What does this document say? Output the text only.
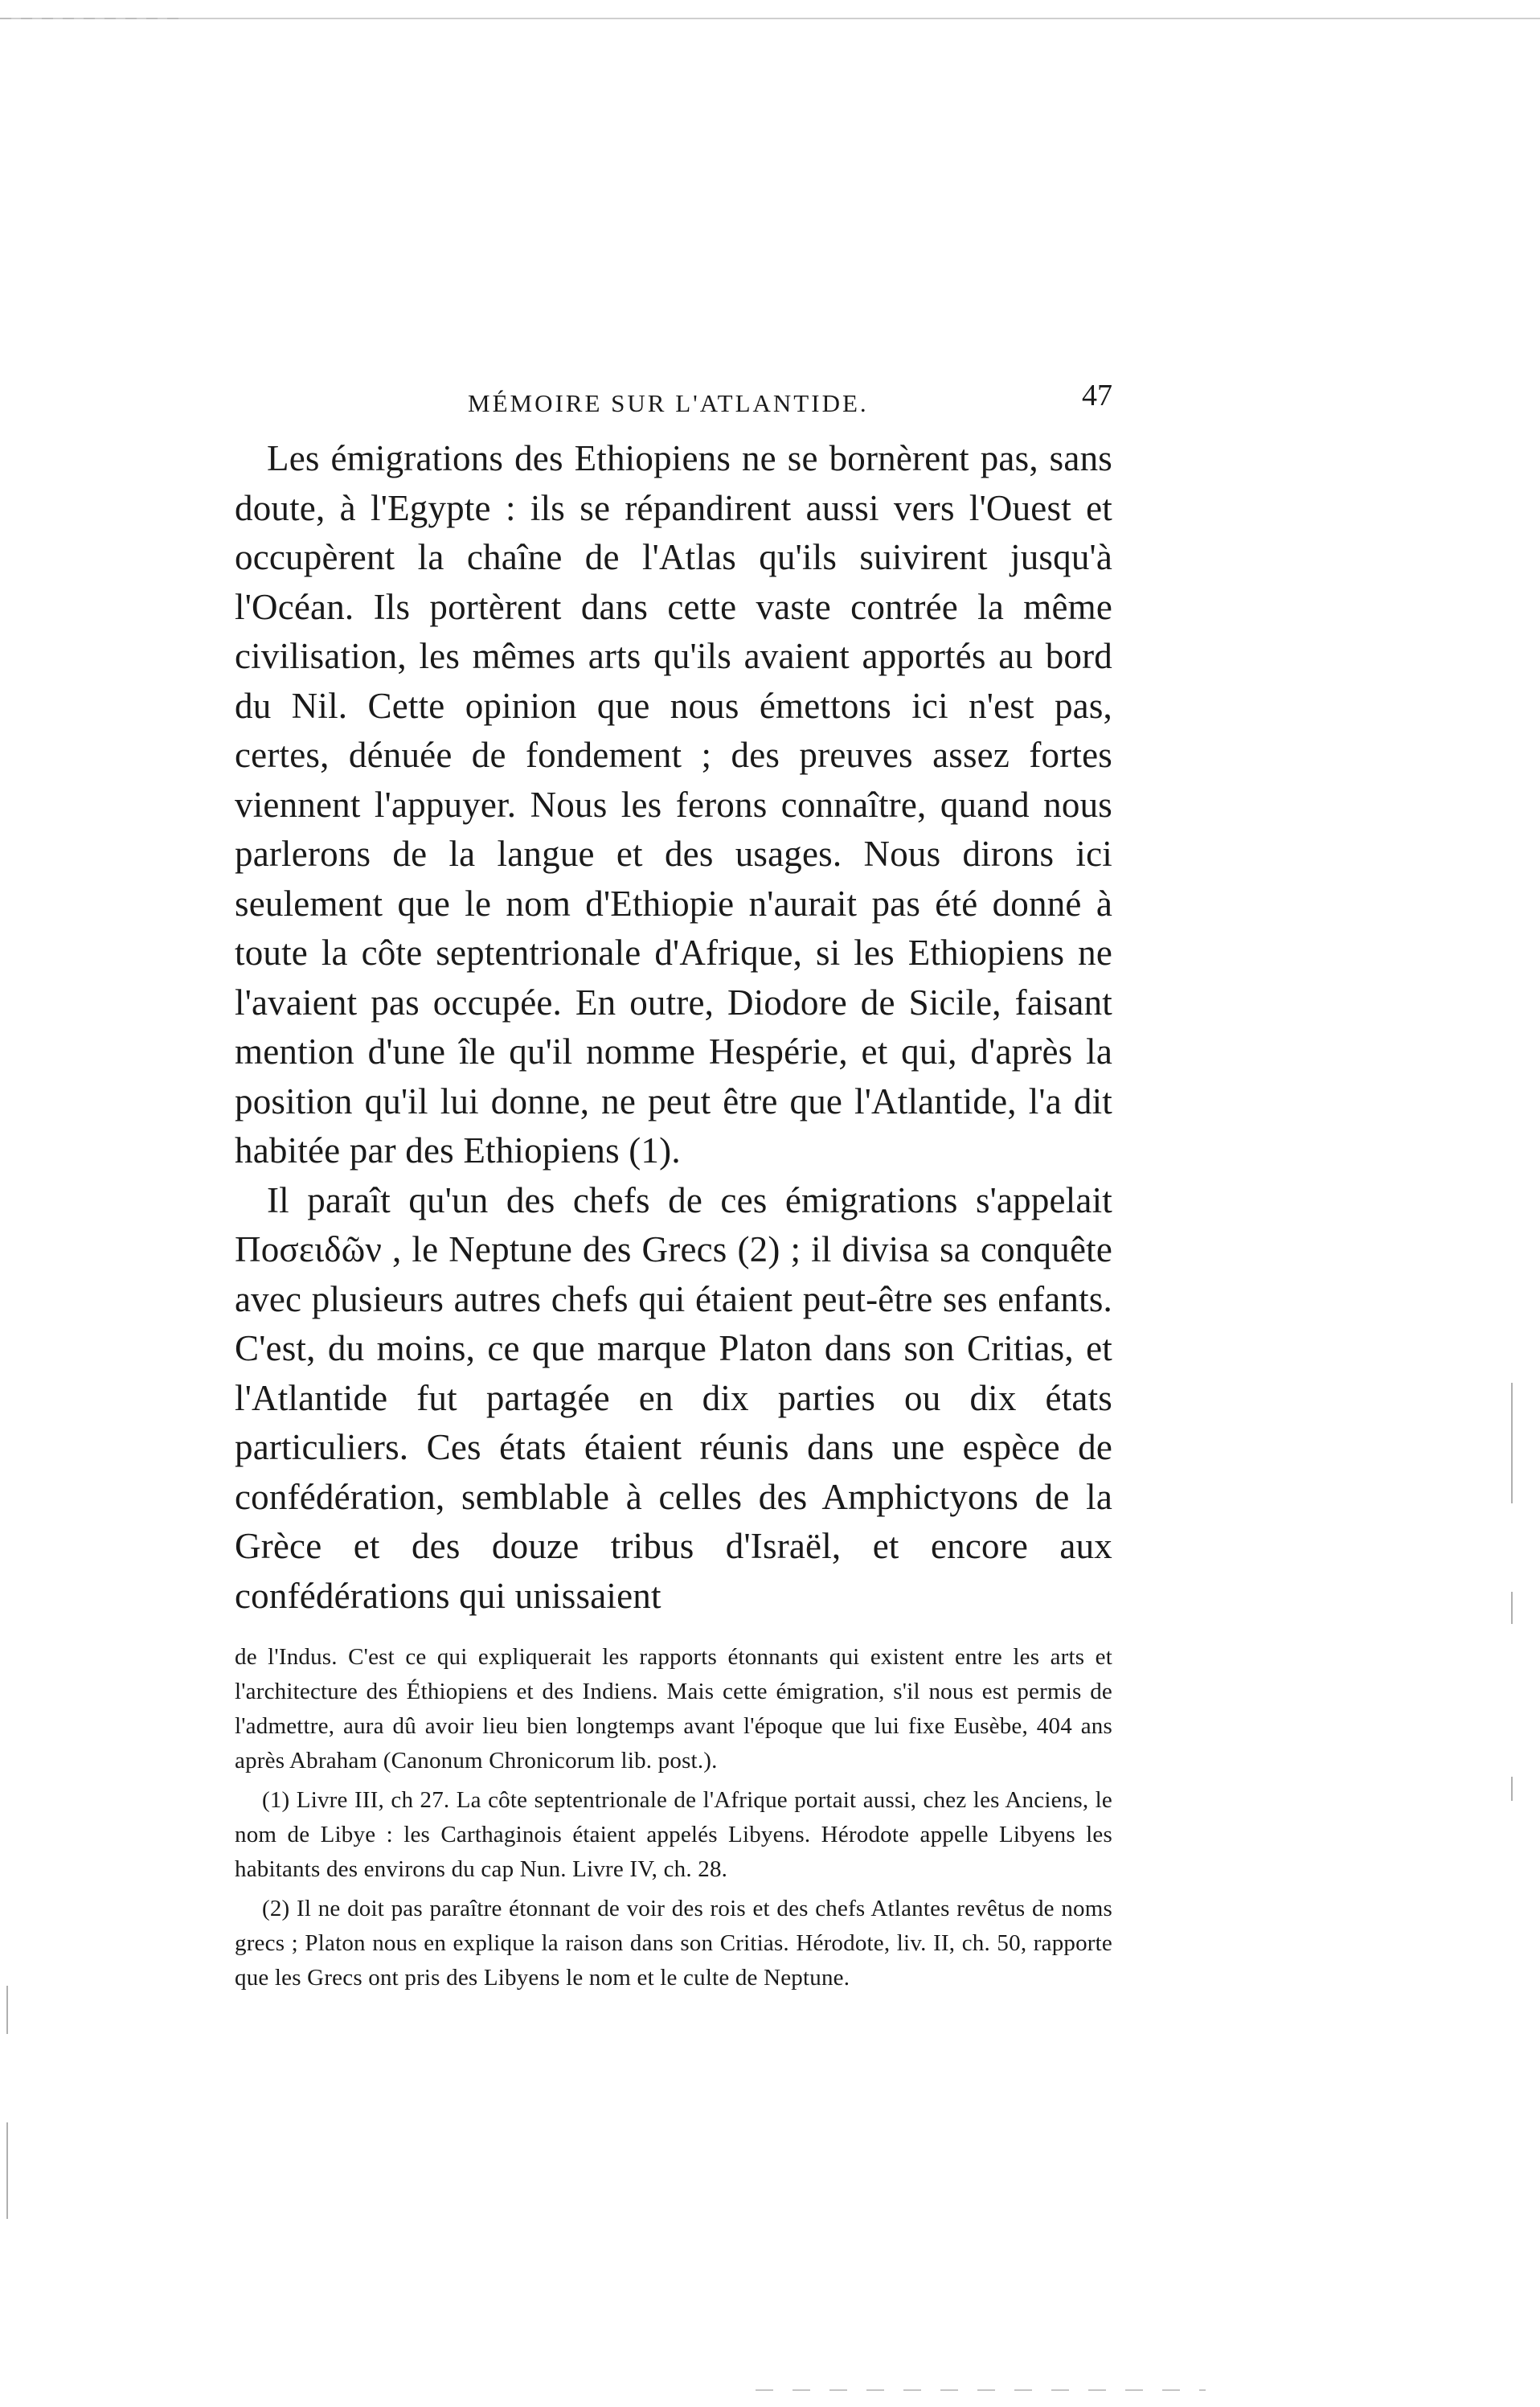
MÉMOIRE SUR L'ATLANTIDE.	47

Les émigrations des Ethiopiens ne se bornèrent pas, sans doute, à l'Egypte : ils se répandirent aussi vers l'Ouest et occupèrent la chaîne de l'Atlas qu'ils suivirent jusqu'à l'Océan. Ils portèrent dans cette vaste contrée la même civilisation, les mêmes arts qu'ils avaient apportés au bord du Nil. Cette opinion que nous émettons ici n'est pas, certes, dénuée de fondement ; des preuves assez fortes viennent l'appuyer. Nous les ferons connaître, quand nous parlerons de la langue et des usages. Nous dirons ici seulement que le nom d'Ethiopie n'aurait pas été donné à toute la côte septentrionale d'Afrique, si les Ethiopiens ne l'avaient pas occupée. En outre, Diodore de Sicile, faisant mention d'une île qu'il nomme Hespérie, et qui, d'après la position qu'il lui donne, ne peut être que l'Atlantide, l'a dit habitée par des Ethiopiens (1).

Il paraît qu'un des chefs de ces émigrations s'appelait Ποσειδῶν , le Neptune des Grecs (2) ; il divisa sa conquête avec plusieurs autres chefs qui étaient peut-être ses enfants. C'est, du moins, ce que marque Platon dans son Critias, et l'Atlantide fut partagée en dix parties ou dix états particuliers. Ces états étaient réunis dans une espèce de confédération, semblable à celles des Amphictyons de la Grèce et des douze tribus d'Israël, et encore aux confédérations qui unissaient

de l'Indus. C'est ce qui expliquerait les rapports étonnants qui existent entre les arts et l'architecture des Éthiopiens et des Indiens. Mais cette émigration, s'il nous est permis de l'admettre, aura dû avoir lieu bien longtemps avant l'époque que lui fixe Eusèbe, 404 ans après Abraham (Canonum Chronicorum lib. post.).

(1) Livre III, ch 27. La côte septentrionale de l'Afrique portait aussi, chez les Anciens, le nom de Libye : les Carthaginois étaient appelés Libyens. Hérodote appelle Libyens les habitants des environs du cap Nun. Livre IV, ch. 28.

(2) Il ne doit pas paraître étonnant de voir des rois et des chefs Atlantes revêtus de noms grecs ; Platon nous en explique la raison dans son Critias. Hérodote, liv. II, ch. 50, rapporte que les Grecs ont pris des Libyens le nom et le culte de Neptune.
